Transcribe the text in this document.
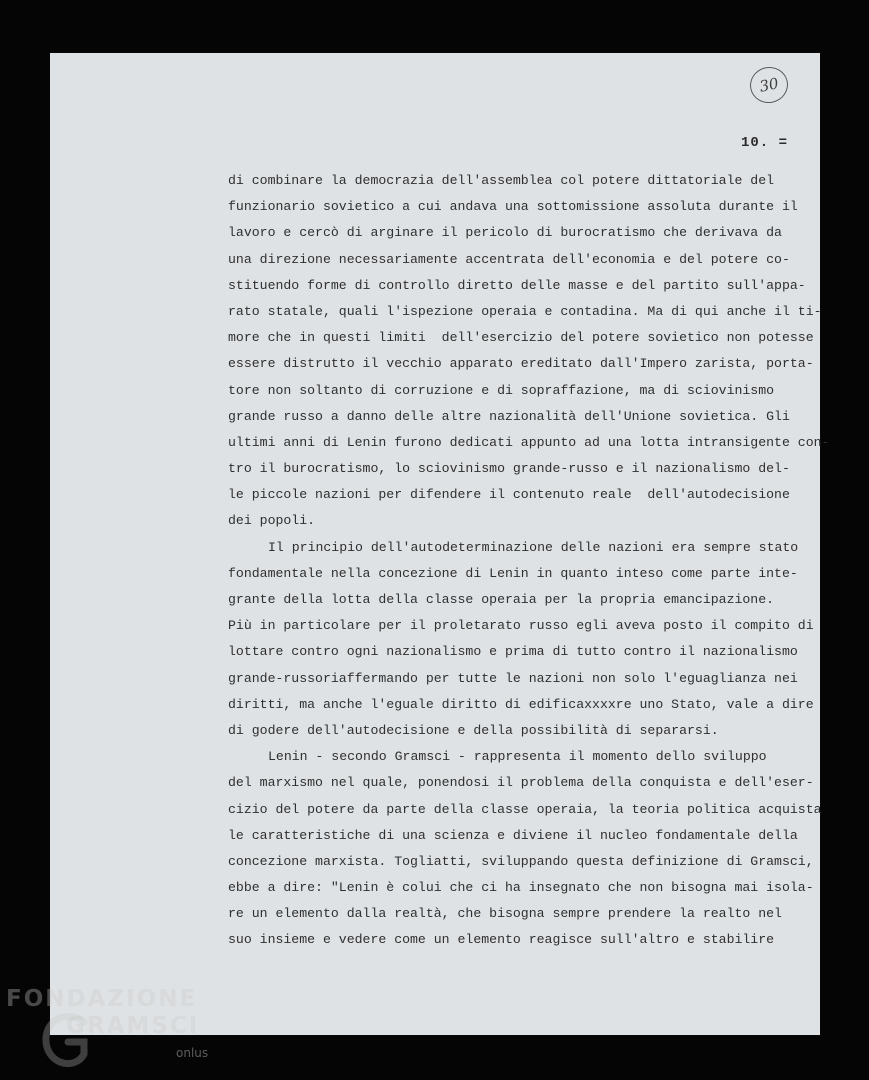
30
10. =
di combinare la democrazia dell'assemblea col potere dittatoriale del
funzionario sovietico a cui andava una sottomissione assoluta durante il
lavoro e cercò di arginare il pericolo di burocratismo che derivava da
una direzione necessariamente accentrata dell'economia e del potere co-
stituendo forme di controllo diretto delle masse e del partito sull'appa-
rato statale, quali l'ispezione operaia e contadina. Ma di qui anche il ti-
more che in questi limiti  dell'esercizio del potere sovietico non potesse
essere distrutto il vecchio apparato ereditato dall'Impero zarista, porta-
tore non soltanto di corruzione e di sopraffazione, ma di sciovinismo
grande russo a danno delle altre nazionalità dell'Unione sovietica. Gli
ultimi anni di Lenin furono dedicati appunto ad una lotta intransigente con-
tro il burocratismo, lo sciovinismo grande-russo e il nazionalismo del-
le piccole nazioni per difendere il contenuto reale  dell'autodecisione
dei popoli.
Il principio dell'autodeterminazione delle nazioni era sempre stato
fondamentale nella concezione di Lenin in quanto inteso come parte inte-
grante della lotta della classe operaia per la propria emancipazione.
Più in particolare per il proletarato russo egli aveva posto il compito di
lottare contro ogni nazionalismo e prima di tutto contro il nazionalismo
grande-russoriaffermando per tutte le nazioni non solo l'eguaglianza nei
diritti, ma anche l'eguale diritto di edificaxxxxre uno Stato, vale a dire
di godere dell'autodecisione e della possibilità di separarsi.
Lenin - secondo Gramsci - rappresenta il momento dello sviluppo
del marxismo nel quale, ponendosi il problema della conquista e dell'eser-
cizio del potere da parte della classe operaia, la teoria politica acquista
le caratteristiche di una scienza e diviene il nucleo fondamentale della
concezione marxista. Togliatti, sviluppando questa definizione di Gramsci,
ebbe a dire: "Lenin è colui che ci ha insegnato che non bisogna mai isola-
re un elemento dalla realtà, che bisogna sempre prendere la realto nel
suo insieme e vedere come un elemento reagisce sull'altro e stabilire
FONDAZIONE
GRAMSCI
onlus
